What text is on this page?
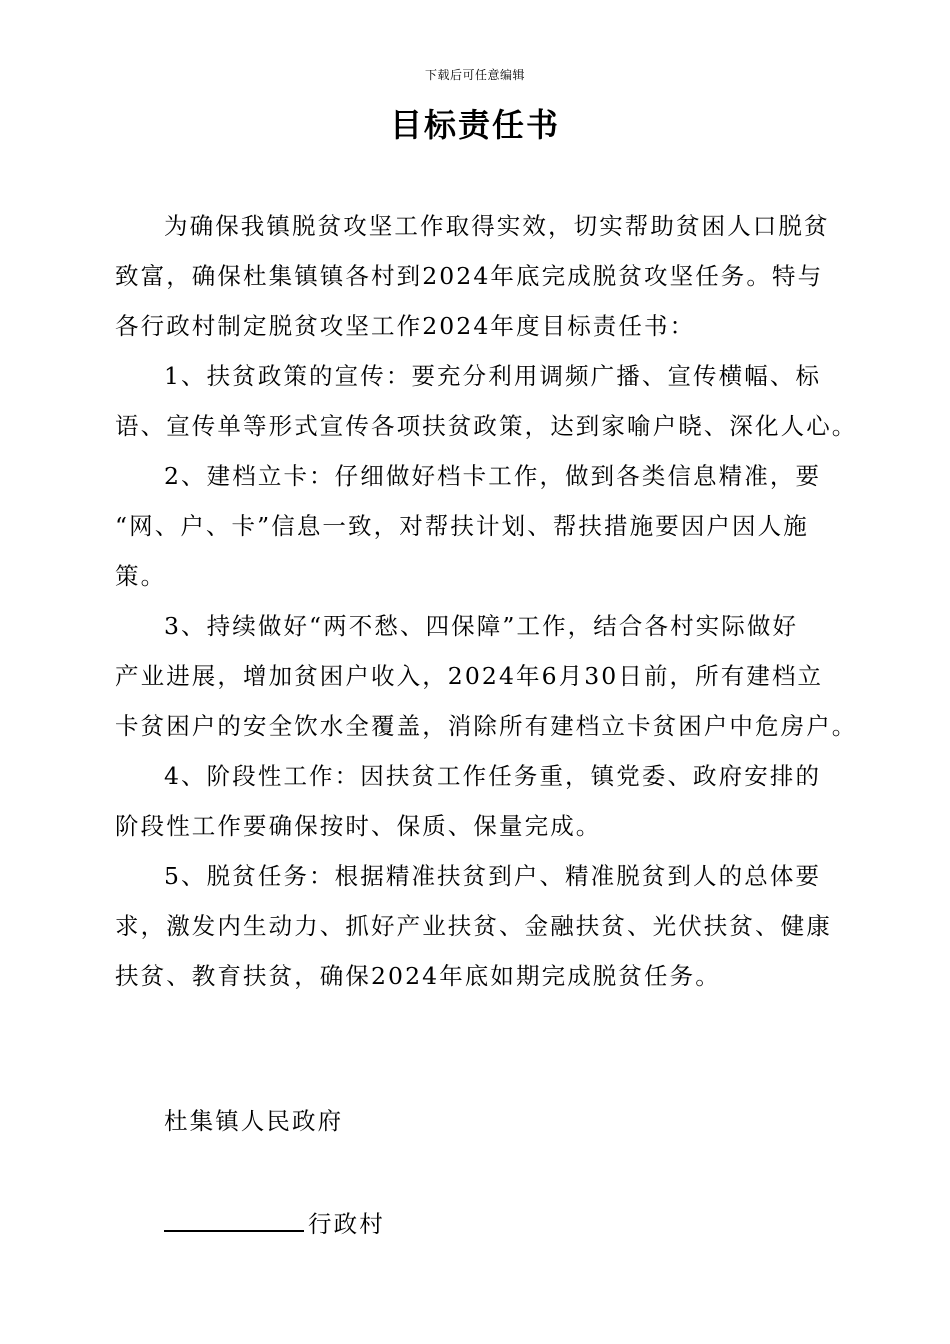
下载后可任意编辑
目标责任书
为确保我镇脱贫攻坚工作取得实效，切实帮助贫困人口脱贫
致富，确保杜集镇镇各村到2024年底完成脱贫攻坚任务。特与
各行政村制定脱贫攻坚工作2024年度目标责任书：
1、扶贫政策的宣传：要充分利用调频广播、宣传横幅、标
语、宣传单等形式宣传各项扶贫政策，达到家喻户晓、深化人心。
2、建档立卡：仔细做好档卡工作，做到各类信息精准，要
“网、户、卡”信息一致，对帮扶计划、帮扶措施要因户因人施
策。
3、持续做好“两不愁、四保障”工作，结合各村实际做好
产业进展，增加贫困户收入，2024年6月30日前，所有建档立
卡贫困户的安全饮水全覆盖，消除所有建档立卡贫困户中危房户。
4、阶段性工作：因扶贫工作任务重，镇党委、政府安排的
阶段性工作要确保按时、保质、保量完成。
5、脱贫任务：根据精准扶贫到户、精准脱贫到人的总体要
求，激发内生动力、抓好产业扶贫、金融扶贫、光伏扶贫、健康
扶贫、教育扶贫，确保2024年底如期完成脱贫任务。
杜集镇人民政府
行政村
